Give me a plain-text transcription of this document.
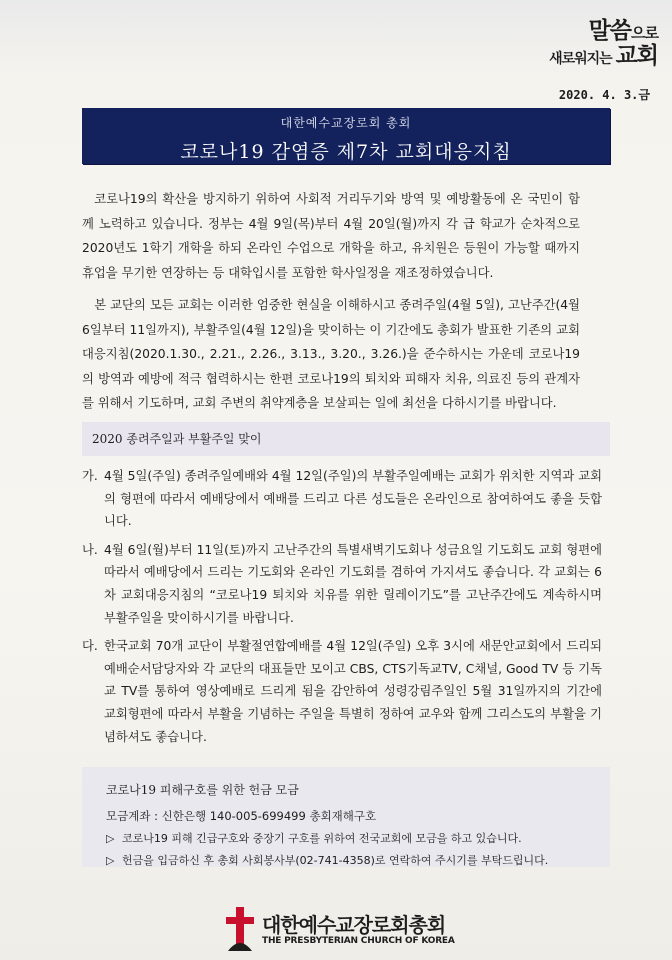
말씀으로
새로워지는 교회
2020. 4. 3.금
대한예수교장로회 총회
코로나19 감염증 제7차 교회대응지침

코로나19의 확산을 방지하기 위하여 사회적 거리두기와 방역 및 예방활동에 온 국민이 함께 노력하고 있습니다. 정부는 4월 9일(목)부터 4월 20일(월)까지 각 급 학교가 순차적으로 2020년도 1학기 개학을 하되 온라인 수업으로 개학을 하고, 유치원은 등원이 가능할 때까지 휴업을 무기한 연장하는 등 대학입시를 포함한 학사일정을 재조정하였습니다.

본 교단의 모든 교회는 이러한 엄중한 현실을 이해하시고 종려주일(4월 5일), 고난주간(4월 6일부터 11일까지), 부활주일(4월 12일)을 맞이하는 이 기간에도 총회가 발표한 기존의 교회대응지침(2020.1.30., 2.21., 2.26., 3.13., 3.20., 3.26.)을 준수하시는 가운데 코로나19의 방역과 예방에 적극 협력하시는 한편 코로나19의 퇴치와 피해자 치유, 의료진 등의 관계자를 위해서 기도하며, 교회 주변의 취약계층을 보살피는 일에 최선을 다하시기를 바랍니다.

2020 종려주일과 부활주일 맞이
가. 4월 5일(주일) 종려주일예배와 4월 12일(주일)의 부활주일예배는 교회가 위치한 지역과 교회의 형편에 따라서 예배당에서 예배를 드리고 다른 성도들은 온라인으로 참여하여도 좋을 듯합니다.
나. 4월 6일(월)부터 11일(토)까지 고난주간의 특별새벽기도회나 성금요일 기도회도 교회 형편에 따라서 예배당에서 드리는 기도회와 온라인 기도회를 겸하여 가지셔도 좋습니다. 각 교회는 6차 교회대응지침의 “코로나19 퇴치와 치유를 위한 릴레이기도”를 고난주간에도 계속하시며 부활주일을 맞이하시기를 바랍니다.
다. 한국교회 70개 교단이 부활절연합예배를 4월 12일(주일) 오후 3시에 새문안교회에서 드리되 예배순서담당자와 각 교단의 대표들만 모이고 CBS, CTS기독교TV, C채널, Good TV 등 기독교 TV를 통하여 영상예배로 드리게 됨을 감안하여 성령강림주일인 5월 31일까지의 기간에 교회형편에 따라서 부활을 기념하는 주일을 특별히 정하여 교우와 함께 그리스도의 부활을 기념하셔도 좋습니다.
코로나19 피해구호를 위한 헌금 모금
모금계좌 : 신한은행 140-005-699499 총회재해구호
▷ 코로나19 피해 긴급구호와 중장기 구호를 위하여 전국교회에 모금을 하고 있습니다.
▷ 헌금을 입금하신 후 총회 사회봉사부(02-741-4358)로 연락하여 주시기를 부탁드립니다.
대한예수교장로회총회
THE PRESBYTERIAN CHURCH OF KOREA
